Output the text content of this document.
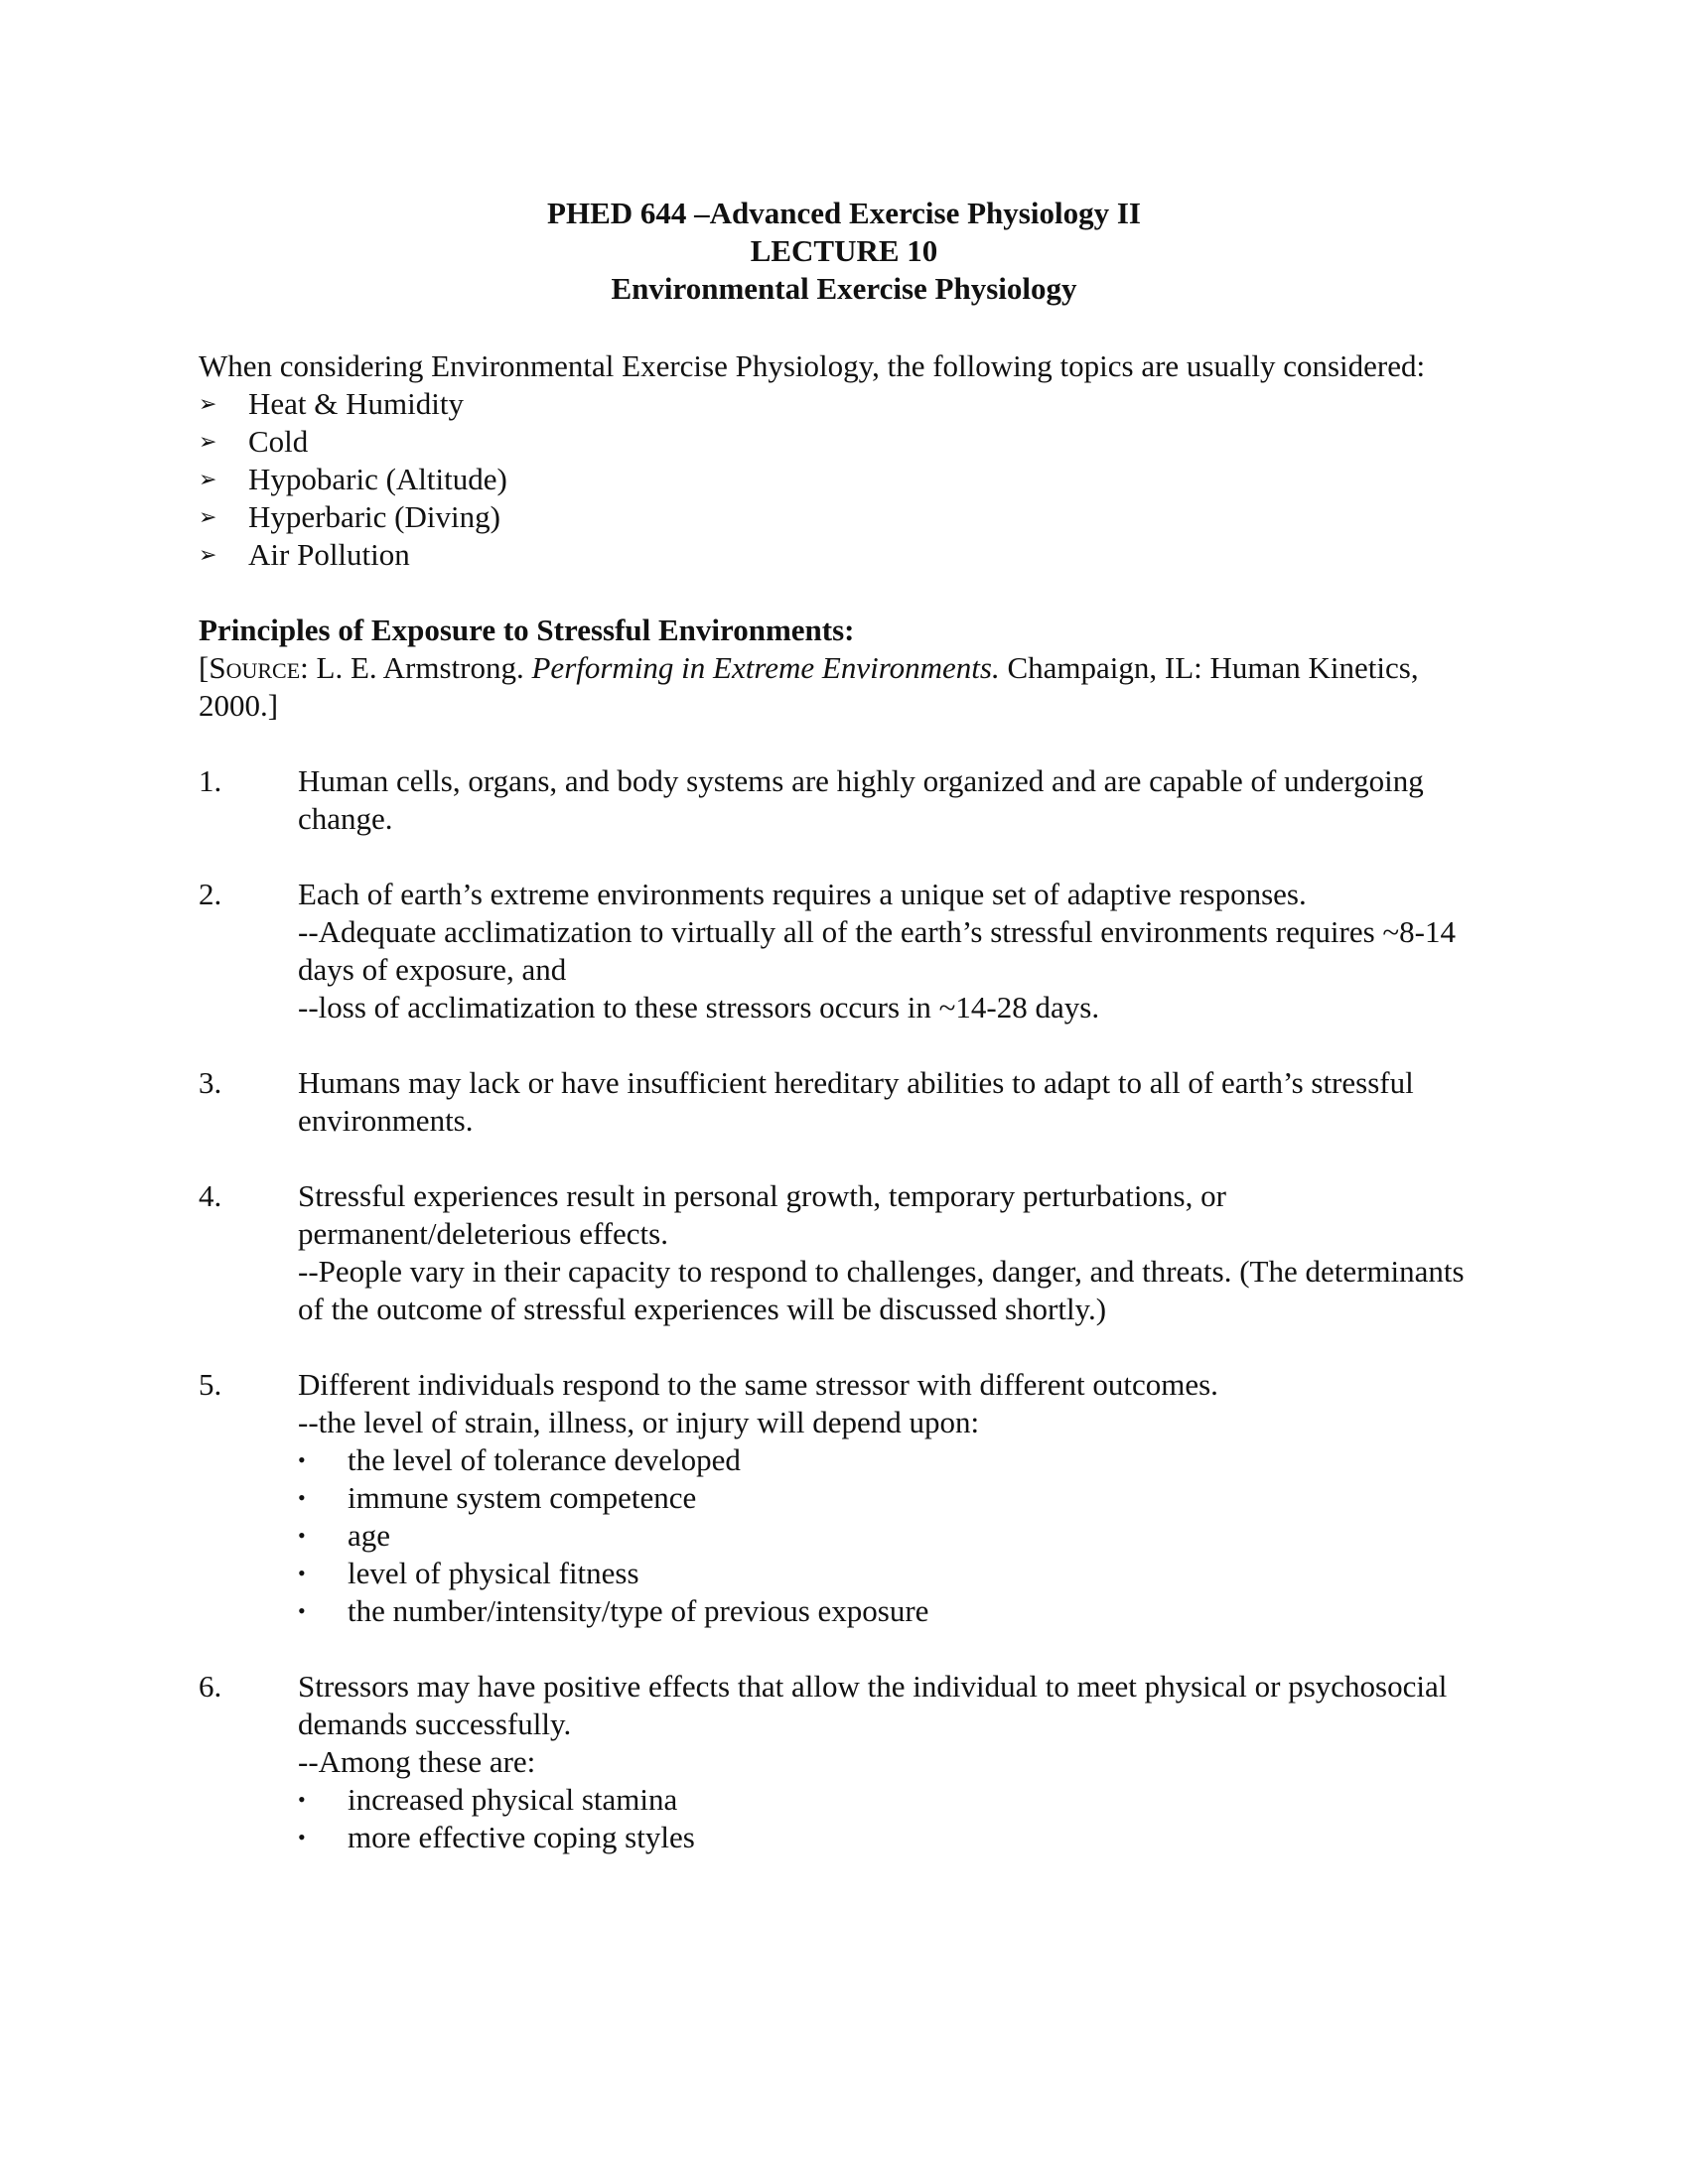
PHED 644 –Advanced Exercise Physiology II
LECTURE 10
Environmental Exercise Physiology

When considering Environmental Exercise Physiology, the following topics are usually considered:

➢ Heat & Humidity
➢ Cold
➢ Hypobaric (Altitude)
➢ Hyperbaric (Diving)
➢ Air Pollution
Principles of Exposure to Stressful Environments:
[Source: L. E. Armstrong. Performing in Extreme Environments. Champaign, IL: Human Kinetics, 2000.]
1. Human cells, organs, and body systems are highly organized and are capable of undergoing change.
2. Each of earth’s extreme environments requires a unique set of adaptive responses.
--Adequate acclimatization to virtually all of the earth’s stressful environments requires ~8-14 days of exposure, and
--loss of acclimatization to these stressors occurs in ~14-28 days.
3. Humans may lack or have insufficient hereditary abilities to adapt to all of earth’s stressful environments.
4. Stressful experiences result in personal growth, temporary perturbations, or permanent/deleterious effects.
--People vary in their capacity to respond to challenges, danger, and threats. (The determinants of the outcome of stressful experiences will be discussed shortly.)
5. Different individuals respond to the same stressor with different outcomes.
--the level of strain, illness, or injury will depend upon:
• the level of tolerance developed
• immune system competence
• age
• level of physical fitness
• the number/intensity/type of previous exposure
6. Stressors may have positive effects that allow the individual to meet physical or psychosocial demands successfully.
--Among these are:
• increased physical stamina
• more effective coping styles
